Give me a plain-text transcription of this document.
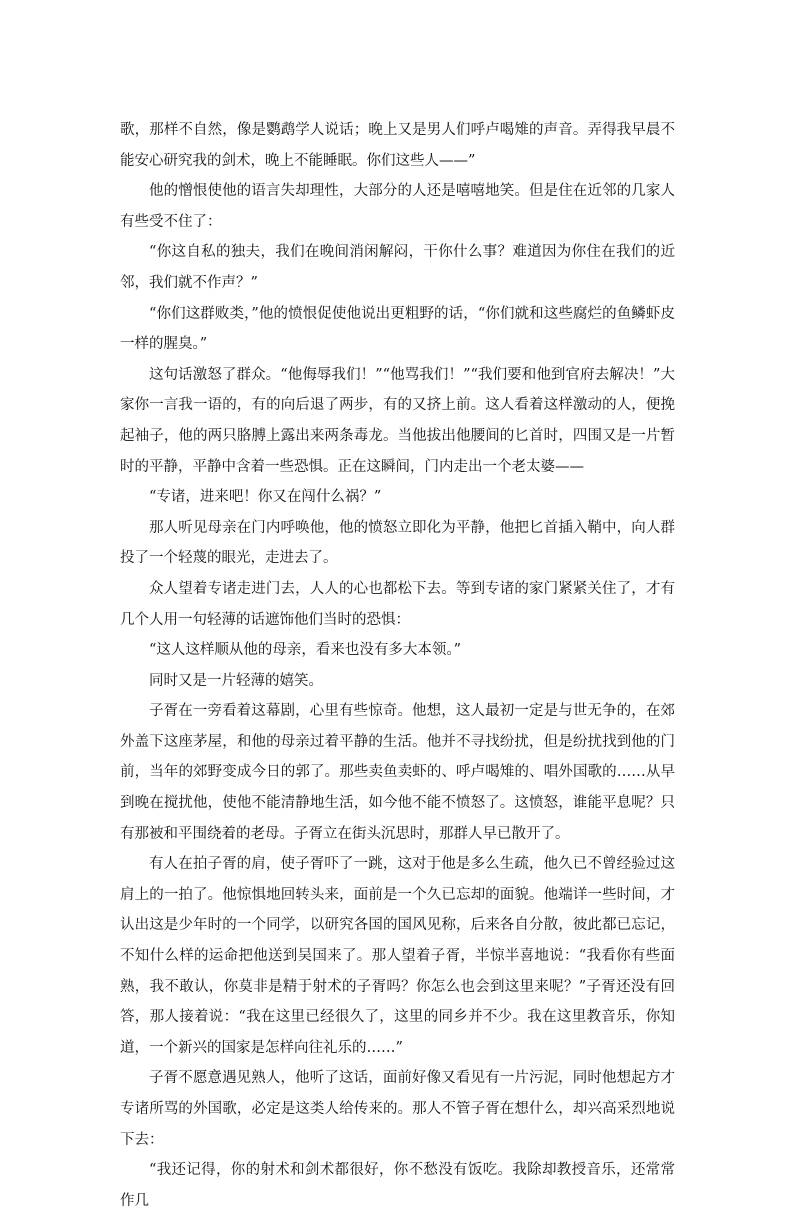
歌，那样不自然，像是鹦鹉学人说话；晚上又是男人们呼卢喝雉的声音。弄得我早晨不能安心研究我的剑术，晚上不能睡眠。你们这些人——”

他的憎恨使他的语言失却理性，大部分的人还是嘻嘻地笑。但是住在近邻的几家人有些受不住了：

“你这自私的独夫，我们在晚间消闲解闷，干你什么事？难道因为你住在我们的近邻，我们就不作声？”

“你们这群败类，”他的愤恨促使他说出更粗野的话，“你们就和这些腐烂的鱼鳞虾皮一样的腥臭。”

这句话激怒了群众。“他侮辱我们！”“他骂我们！”“我们要和他到官府去解决！”大家你一言我一语的，有的向后退了两步，有的又挤上前。这人看着这样激动的人，便挽起袖子，他的两只胳膊上露出来两条毒龙。当他拔出他腰间的匕首时，四围又是一片暂时的平静，平静中含着一些恐惧。正在这瞬间，门内走出一个老太婆——

“专诸，进来吧！你又在闯什么祸？”

那人听见母亲在门内呼唤他，他的愤怒立即化为平静，他把匕首插入鞘中，向人群投了一个轻蔑的眼光，走进去了。

众人望着专诸走进门去，人人的心也都松下去。等到专诸的家门紧紧关住了，才有几个人用一句轻薄的话遮饰他们当时的恐惧：

“这人这样顺从他的母亲，看来也没有多大本领。”

同时又是一片轻薄的嬉笑。

子胥在一旁看着这幕剧，心里有些惊奇。他想，这人最初一定是与世无争的，在郊外盖下这座茅屋，和他的母亲过着平静的生活。他并不寻找纷扰，但是纷扰找到他的门前，当年的郊野变成今日的郭了。那些卖鱼卖虾的、呼卢喝雉的、唱外国歌的……从早到晚在搅扰他，使他不能清静地生活，如今他不能不愤怒了。这愤怒，谁能平息呢？只有那被和平围绕着的老母。子胥立在街头沉思时，那群人早已散开了。

有人在拍子胥的肩，使子胥吓了一跳，这对于他是多么生疏，他久已不曾经验过这肩上的一拍了。他惊惧地回转头来，面前是一个久已忘却的面貌。他端详一些时间，才认出这是少年时的一个同学，以研究各国的国风见称，后来各自分散，彼此都已忘记，不知什么样的运命把他送到吴国来了。那人望着子胥，半惊半喜地说：“我看你有些面熟，我不敢认，你莫非是精于射术的子胥吗？你怎么也会到这里来呢？”子胥还没有回答，那人接着说：“我在这里已经很久了，这里的同乡并不少。我在这里教音乐，你知道，一个新兴的国家是怎样向往礼乐的……”

子胥不愿意遇见熟人，他听了这话，面前好像又看见有一片污泥，同时他想起方才专诸所骂的外国歌，必定是这类人给传来的。那人不管子胥在想什么，却兴高采烈地说下去：

“我还记得，你的射术和剑术都很好，你不愁没有饭吃。我除却教授音乐，还常常作几
